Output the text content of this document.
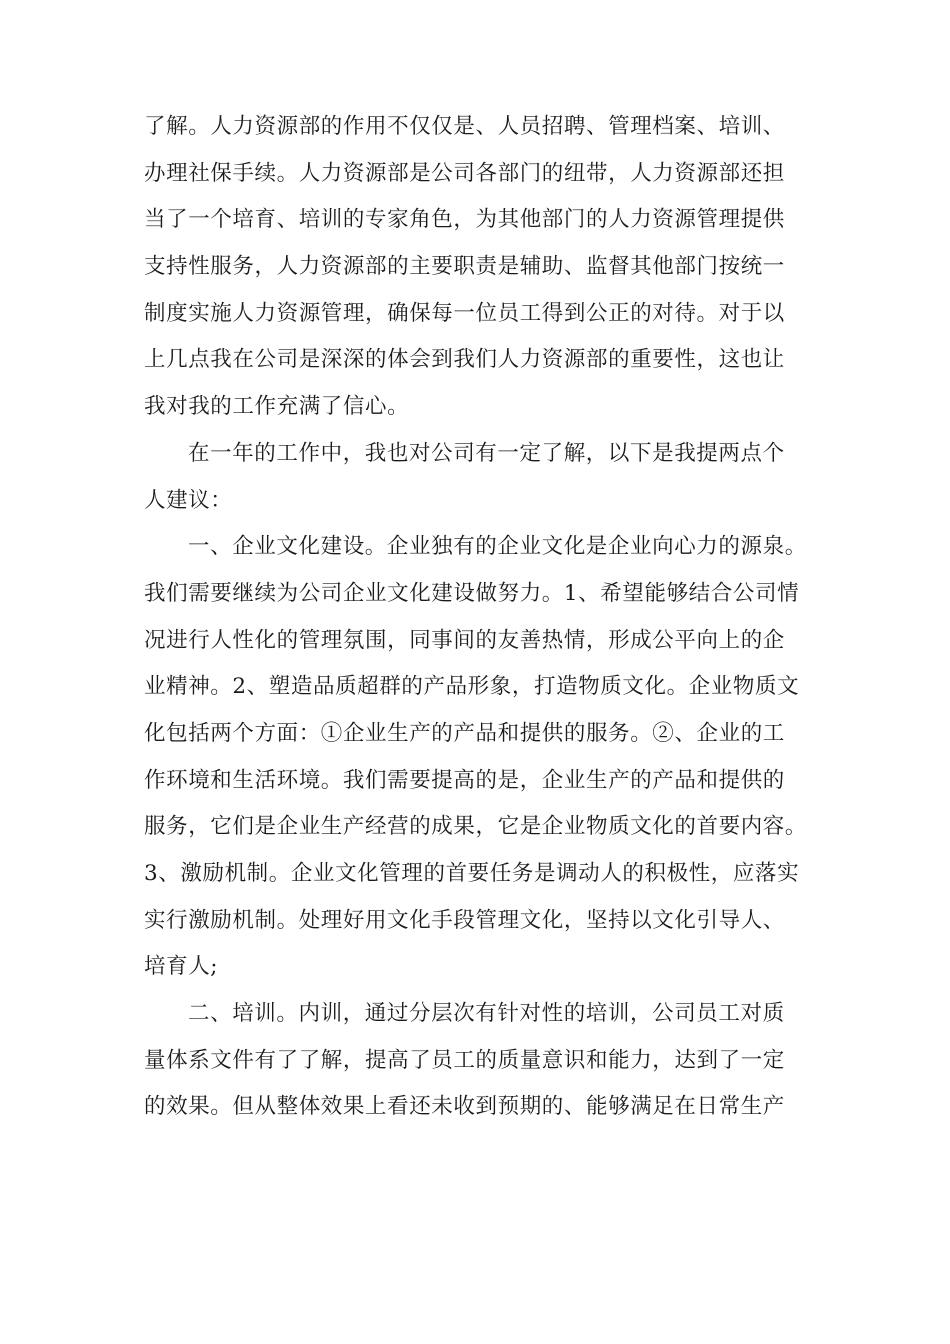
了解。人力资源部的作用不仅仅是、人员招聘、管理档案、培训、
办理社保手续。人力资源部是公司各部门的纽带，人力资源部还担
当了一个培育、培训的专家角色，为其他部门的人力资源管理提供
支持性服务，人力资源部的主要职责是辅助、监督其他部门按统一
制度实施人力资源管理，确保每一位员工得到公正的对待。对于以
上几点我在公司是深深的体会到我们人力资源部的重要性，这也让
我对我的工作充满了信心。
在一年的工作中，我也对公司有一定了解，以下是我提两点个
人建议：
一、企业文化建设。企业独有的企业文化是企业向心力的源泉。
我们需要继续为公司企业文化建设做努力。1、希望能够结合公司情
况进行人性化的管理氛围，同事间的友善热情，形成公平向上的企
业精神。2、塑造品质超群的产品形象，打造物质文化。企业物质文
化包括两个方面：①企业生产的产品和提供的服务。②、企业的工
作环境和生活环境。我们需要提高的是，企业生产的产品和提供的
服务，它们是企业生产经营的成果，它是企业物质文化的首要内容。
3、激励机制。企业文化管理的首要任务是调动人的积极性，应落实
实行激励机制。处理好用文化手段管理文化，坚持以文化引导人、
培育人;
二、培训。内训，通过分层次有针对性的培训，公司员工对质
量体系文件有了了解，提高了员工的质量意识和能力，达到了一定
的效果。但从整体效果上看还未收到预期的、能够满足在日常生产
